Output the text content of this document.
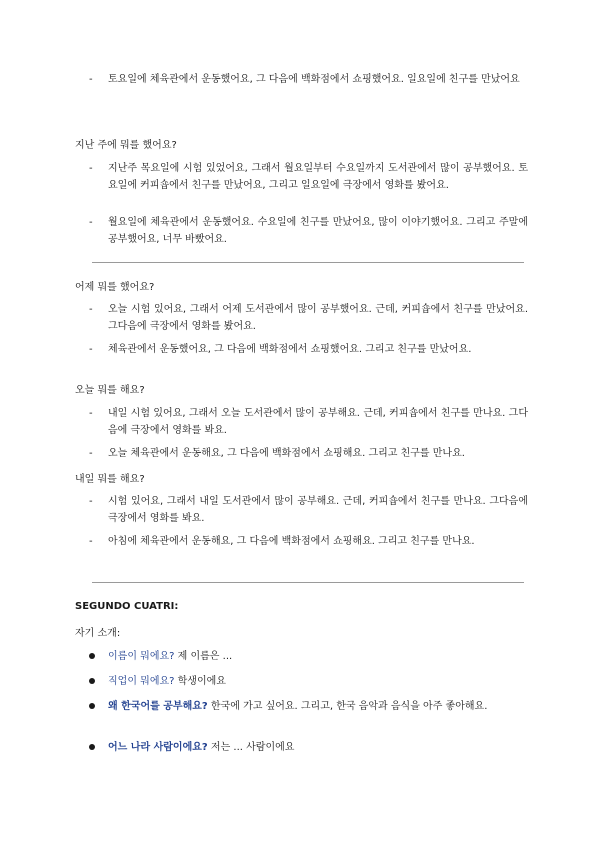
- 토요일에 체육관에서 운동했어요, 그 다음에 백화점에서 쇼핑했어요. 일요일에 친구를 만났어요
지난 주에 뭐를 했어요?
- 지난주 목요일에 시험 있었어요, 그래서 월요일부터 수요일까지 도서관에서 많이 공부했어요. 토요일에 커피숍에서 친구를 만났어요, 그리고 일요일에 극장에서 영화를 봤어요.
- 월요일에 체육관에서 운동했어요. 수요일에 친구를 만났어요, 많이 이야기했어요. 그리고 주말에 공부했어요, 너무 바빴어요.
어제 뭐를 했어요?
- 오늘 시험 있어요, 그래서 어제 도서관에서 많이 공부했어요. 근데, 커피숍에서 친구를 만났어요. 그다음에 극장에서 영화를 봤어요.
- 체육관에서 운동했어요, 그 다음에 백화점에서 쇼핑했어요. 그리고 친구를 만났어요.
오늘 뭐를 해요?
- 내일 시험 있어요, 그래서 오늘 도서관에서 많이 공부해요. 근데, 커피숍에서 친구를 만나요. 그다음에 극장에서 영화를 봐요.
- 오늘 체육관에서 운동해요, 그 다음에 백화점에서 쇼핑해요. 그리고 친구를 만나요.
내일 뭐를 해요?
- 시험 있어요, 그래서 내일 도서관에서 많이 공부해요. 근데, 커피숍에서 친구를 만나요. 그다음에 극장에서 영화를 봐요.
- 아침에 체육관에서 운동해요, 그 다음에 백화점에서 쇼핑해요. 그리고 친구를 만나요.
SEGUNDO CUATRI:
자기 소개:
이름이 뭐에요? 제 이름은 ...
직업이 뭐에요? 학생이에요
왜 한국어를 공부해요? 한국에 가고 싶어요. 그리고, 한국 음악과 음식을 아주 좋아해요.
어느 나라 사람이에요? 저는 ... 사람이에요
